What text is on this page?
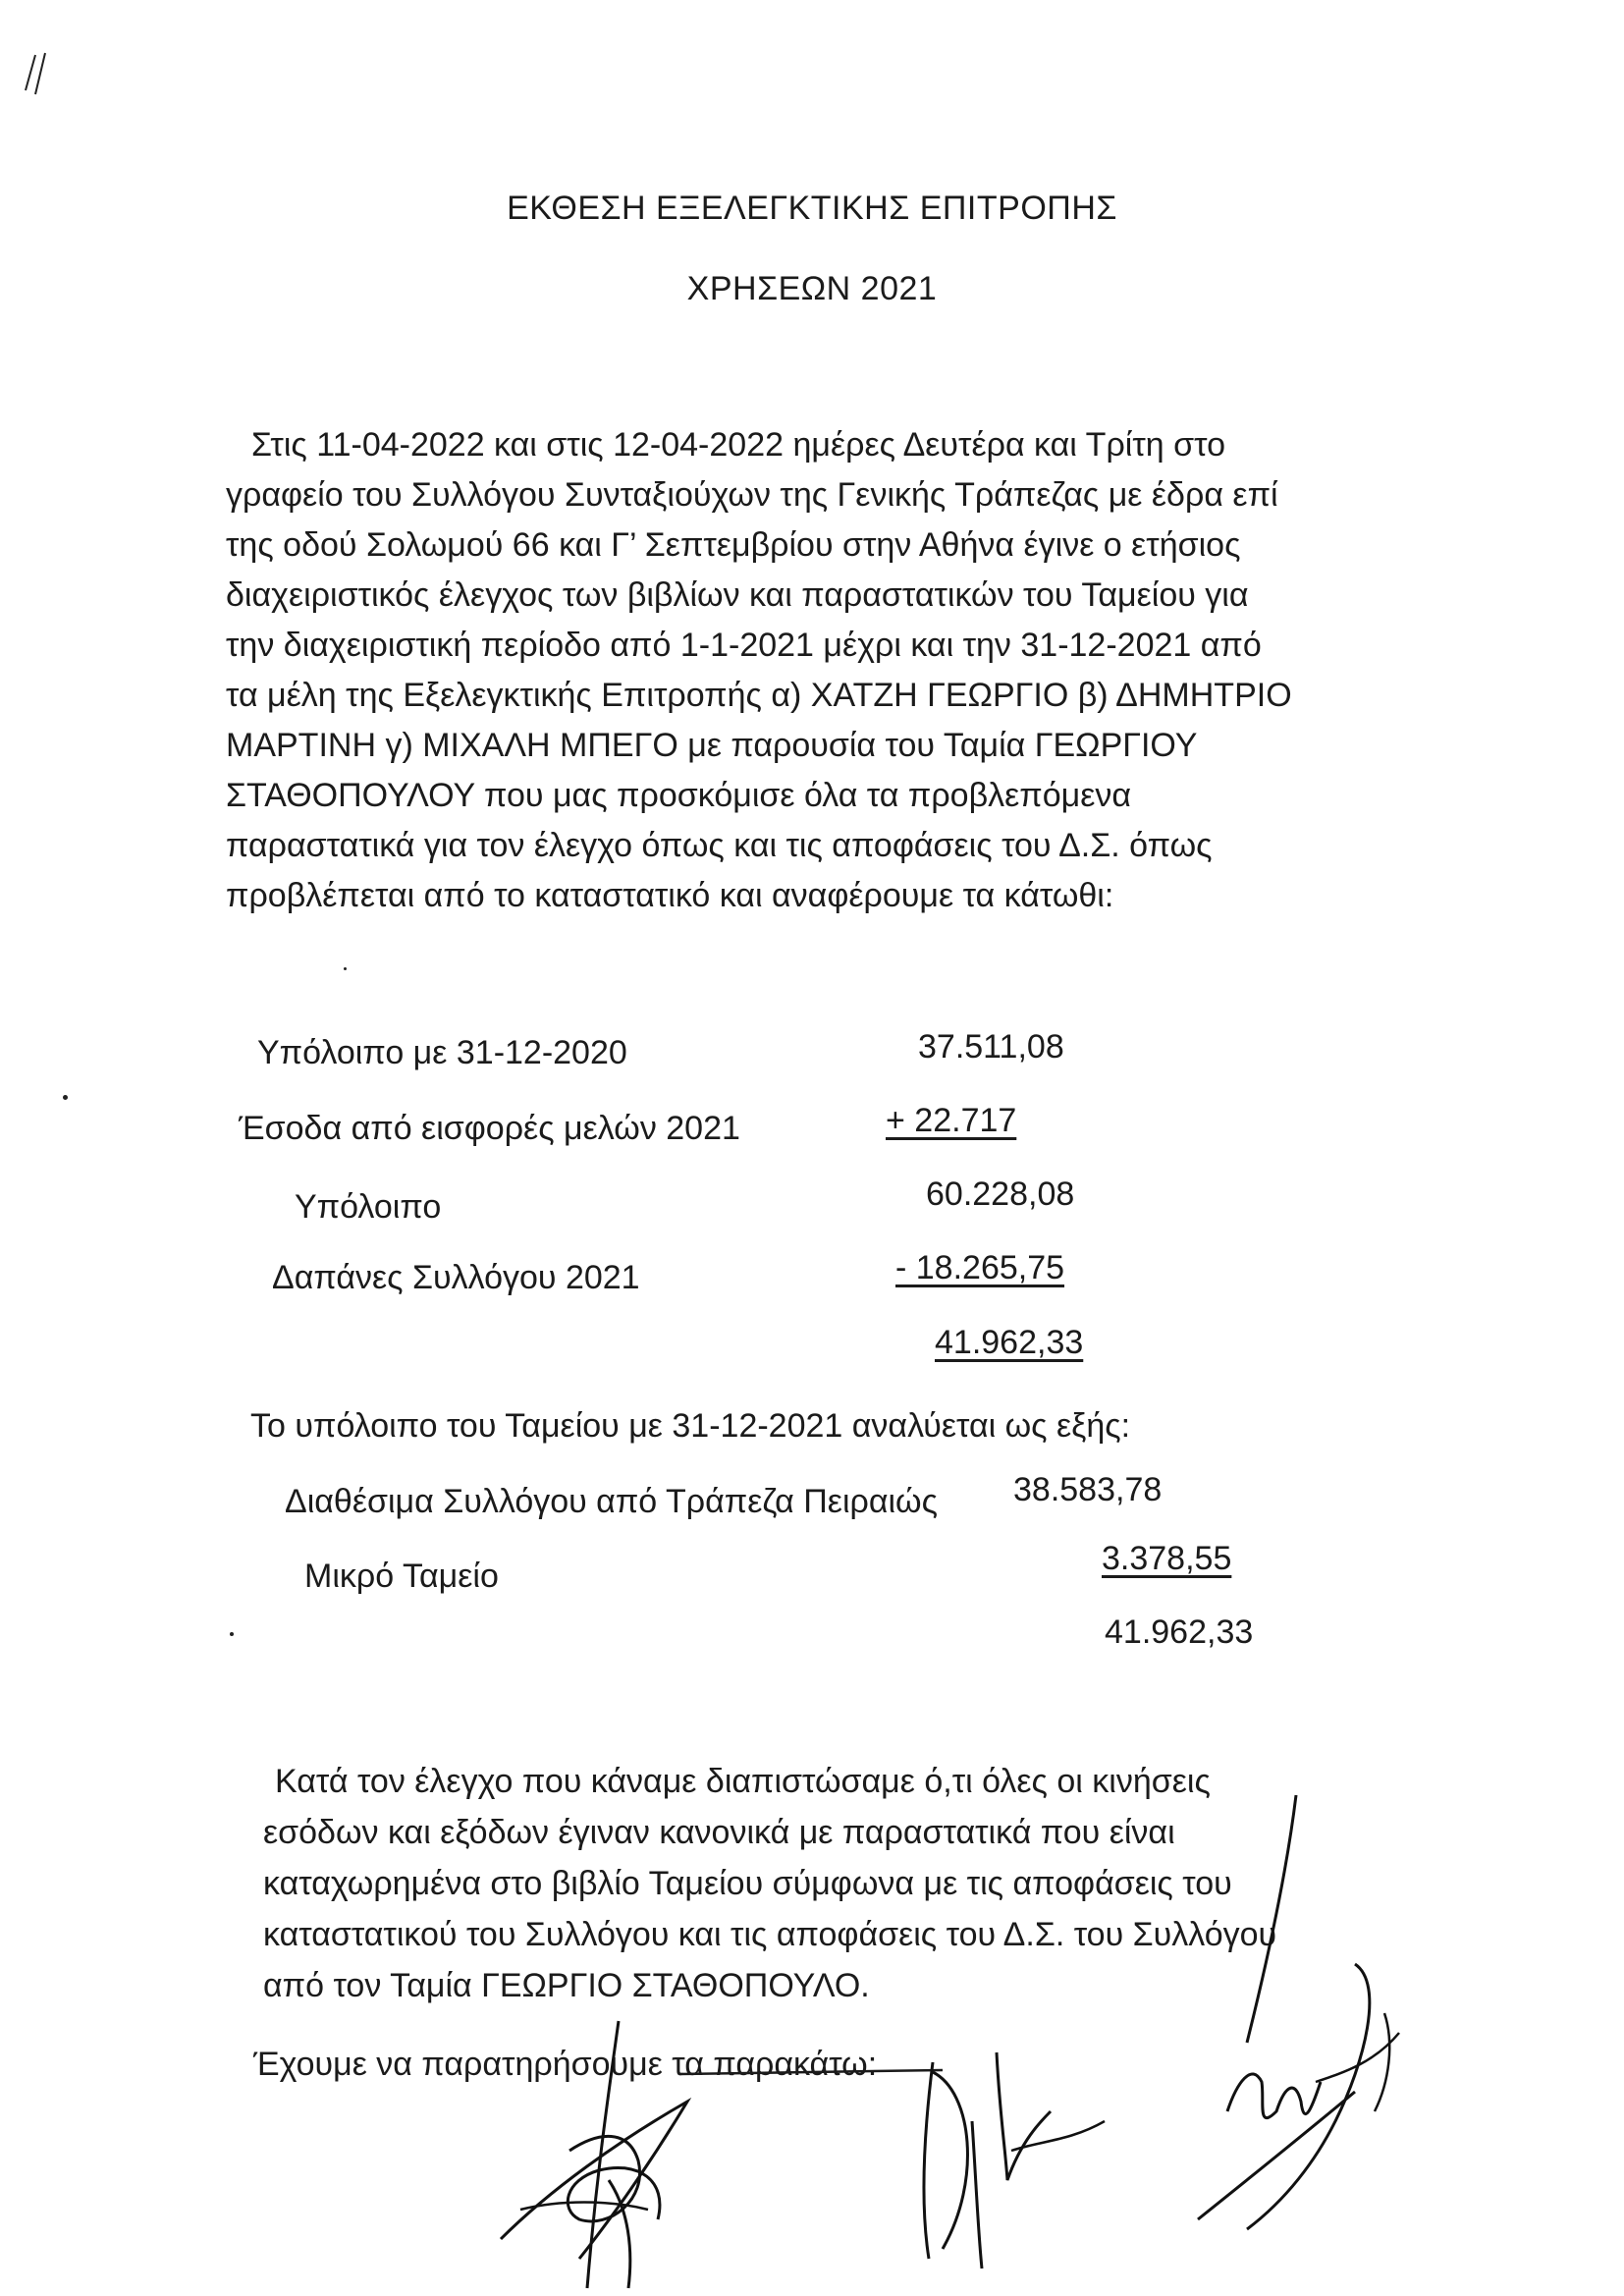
ΕΚΘΕΣΗ ΕΞΕΛΕΓΚΤΙΚΗΣ ΕΠΙΤΡΟΠΗΣ
ΧΡΗΣΕΩΝ 2021

Στις 11-04-2022 και στις 12-04-2022 ημέρες Δευτέρα και Τρίτη στο

γραφείο του Συλλόγου Συνταξιούχων της Γενικής Τράπεζας με έδρα επί

της οδού Σολωμού 66 και Γ’ Σεπτεμβρίου στην Αθήνα έγινε ο ετήσιος

διαχειριστικός έλεγχος των βιβλίων και παραστατικών του Ταμείου για

την διαχειριστική περίοδο από 1-1-2021 μέχρι και την 31-12-2021 από

τα μέλη της Εξελεγκτικής Επιτροπής α) ΧΑΤΖΗ ΓΕΩΡΓΙΟ β) ΔΗΜΗΤΡΙΟ

ΜΑΡΤΙΝΗ γ) ΜΙΧΑΛΗ ΜΠΕΓΟ με παρουσία του Ταμία ΓΕΩΡΓΙΟΥ

ΣΤΑΘΟΠΟΥΛΟΥ που μας προσκόμισε όλα τα προβλεπόμενα

παραστατικά για τον έλεγχο όπως και τις αποφάσεις του Δ.Σ. όπως

προβλέπεται από το καταστατικό και αναφέρουμε τα κάτωθι:

Υπόλοιπο με 31-12-2020	37.511,08
Έσοδα από εισφορές μελών 2021	+ 22.717
Υπόλοιπο	60.228,08
Δαπάνες Συλλόγου 2021	- 18.265,75
41.962,33
Το υπόλοιπο του Ταμείου με 31-12-2021 αναλύεται ως εξής:
Διαθέσιμα Συλλόγου από Τράπεζα Πειραιώς 38.583,78
Μικρό Ταμείο	3.378,55
41.962,33

Κατά τον έλεγχο που κάναμε διαπιστώσαμε ό,τι όλες οι κινήσεις

εσόδων και εξόδων έγιναν κανονικά με παραστατικά που είναι

καταχωρημένα στο βιβλίο Ταμείου σύμφωνα με τις αποφάσεις του

καταστατικού του Συλλόγου και τις αποφάσεις του Δ.Σ. του Συλλόγου

από τον Ταμία ΓΕΩΡΓΙΟ ΣΤΑΘΟΠΟΥΛΟ.

Έχουμε να παρατηρήσουμε τα παρακάτω:
